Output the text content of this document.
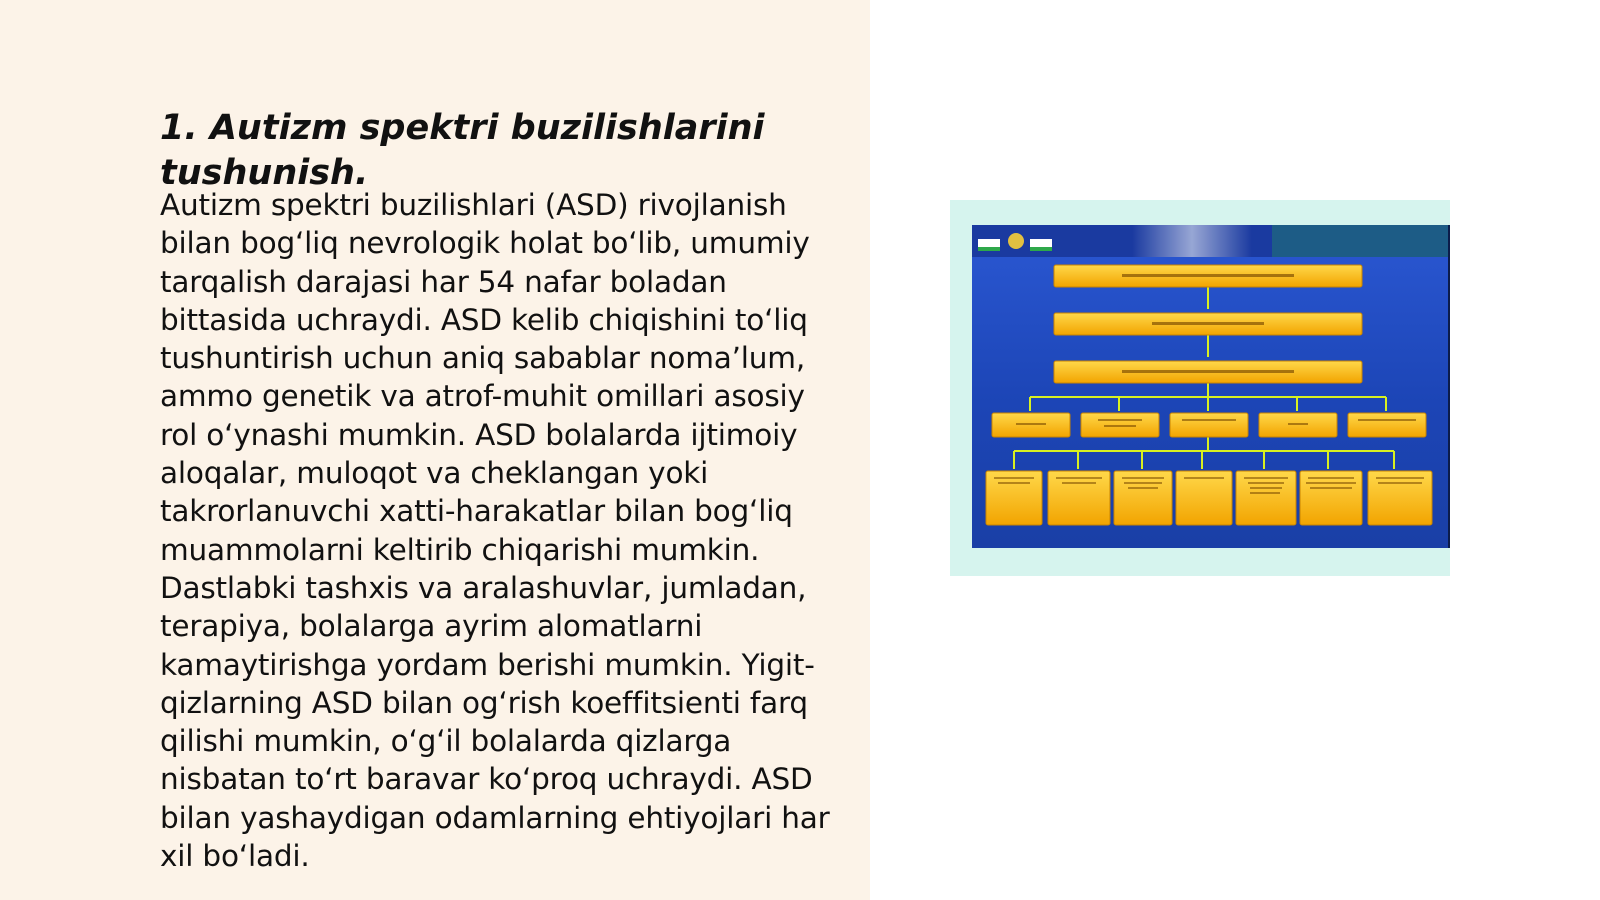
1. Autizm spektri buzilishlarini tushunish.

Autizm spektri buzilishlari (ASD) rivojlanish bilan bog‘liq nevrologik holat bo‘lib, umumiy tarqalish darajasi har 54 nafar boladan bittasida uchraydi. ASD kelib chiqishini to‘liq tushuntirish uchun aniq sabablar noma’lum, ammo genetik va atrof-muhit omillari asosiy rol o‘ynashi mumkin. ASD bolalarda ijtimoiy aloqalar, muloqot va cheklangan yoki takrorlanuvchi xatti-harakatlar bilan bog‘liq muammolarni keltirib chiqarishi mumkin. Dastlabki tashxis va aralashuvlar, jumladan, terapiya, bolalarga ayrim alomatlarni kamaytirishga yordam berishi mumkin. Yigit-qizlarning ASD bilan og‘rish koeffitsienti farq qilishi mumkin, o‘g‘il bolalarda qizlarga nisbatan to‘rt baravar ko‘proq uchraydi. ASD bilan yashaydigan odamlarning ehtiyojlari har xil bo‘ladi.
